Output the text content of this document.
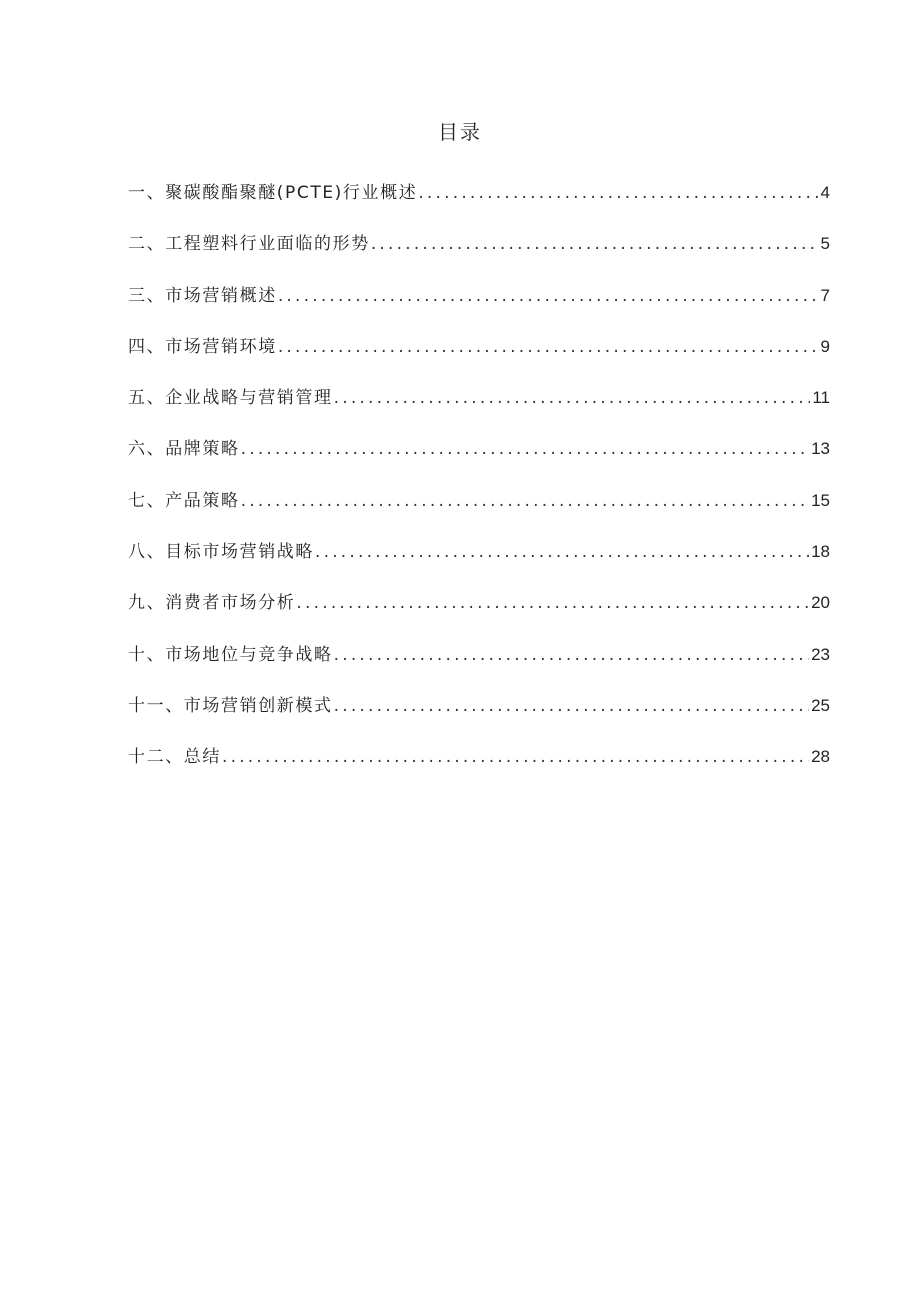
目录
一、聚碳酸酯聚醚(PCTE)行业概述 .....	4
二、工程塑料行业面临的形势 .....	5
三、市场营销概述 .....	7
四、市场营销环境 .....	9
五、企业战略与营销管理 .....	11
六、品牌策略 .....	13
七、产品策略 .....	15
八、目标市场营销战略 .....	18
九、消费者市场分析 .....	20
十、市场地位与竞争战略 .....	23
十一、市场营销创新模式 .....	25
十二、总结 .....	28
